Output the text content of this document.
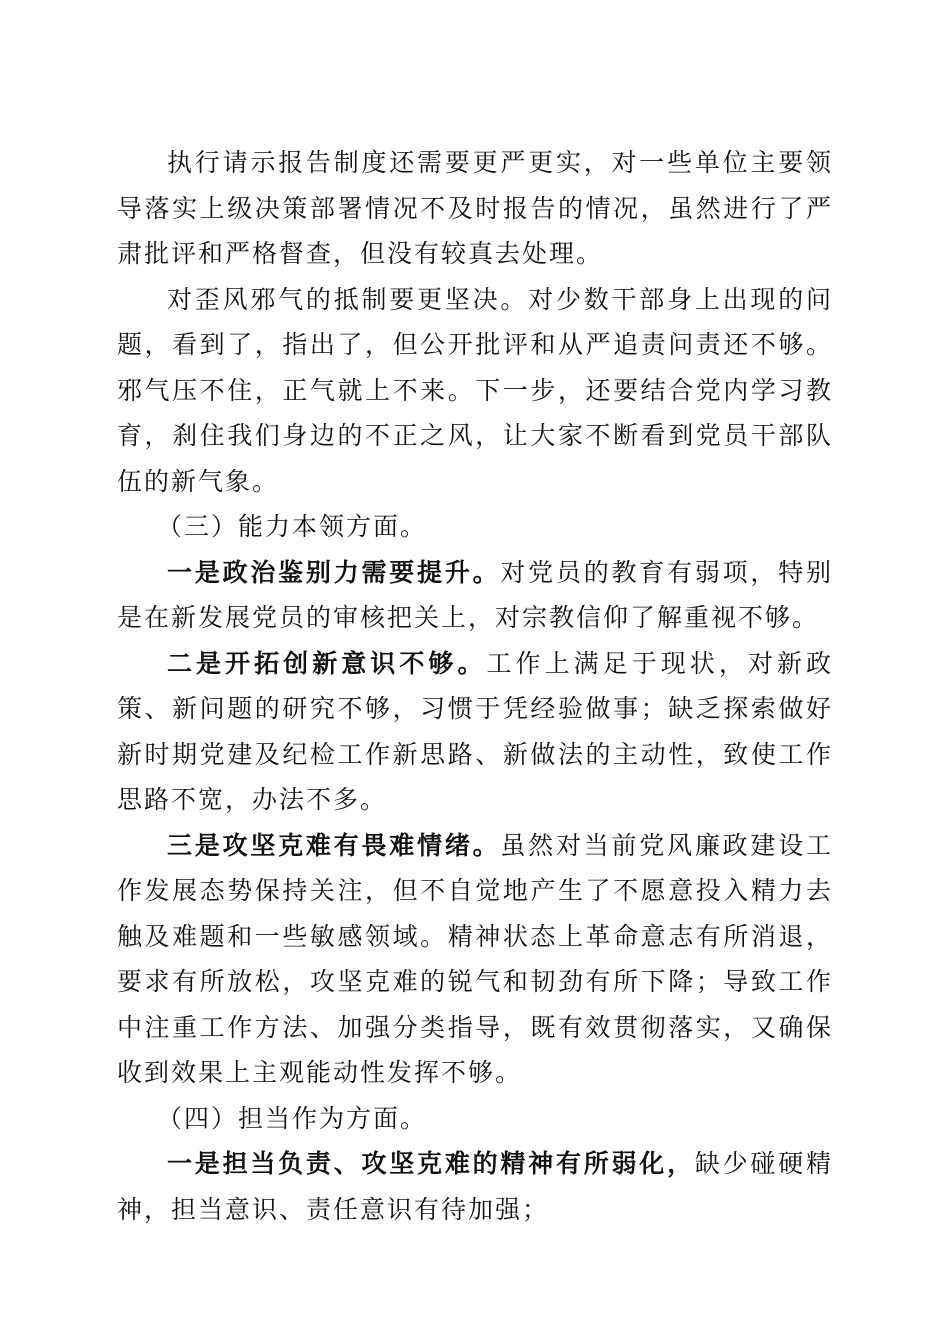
执行请示报告制度还需要更严更实，对一些单位主要领导落实上级决策部署情况不及时报告的情况，虽然进行了严肃批评和严格督查，但没有较真去处理。

对歪风邪气的抵制要更坚决。对少数干部身上出现的问题，看到了，指出了，但公开批评和从严追责问责还不够。邪气压不住，正气就上不来。下一步，还要结合党内学习教育，刹住我们身边的不正之风，让大家不断看到党员干部队伍的新气象。

（三）能力本领方面。

一是政治鉴别力需要提升。对党员的教育有弱项，特别是在新发展党员的审核把关上，对宗教信仰了解重视不够。

二是开拓创新意识不够。工作上满足于现状，对新政策、新问题的研究不够，习惯于凭经验做事；缺乏探索做好新时期党建及纪检工作新思路、新做法的主动性，致使工作思路不宽，办法不多。

三是攻坚克难有畏难情绪。虽然对当前党风廉政建设工作发展态势保持关注，但不自觉地产生了不愿意投入精力去触及难题和一些敏感领域。精神状态上革命意志有所消退，要求有所放松，攻坚克难的锐气和韧劲有所下降；导致工作中注重工作方法、加强分类指导，既有效贯彻落实，又确保收到效果上主观能动性发挥不够。

（四）担当作为方面。

一是担当负责、攻坚克难的精神有所弱化，缺少碰硬精神，担当意识、责任意识有待加强；
